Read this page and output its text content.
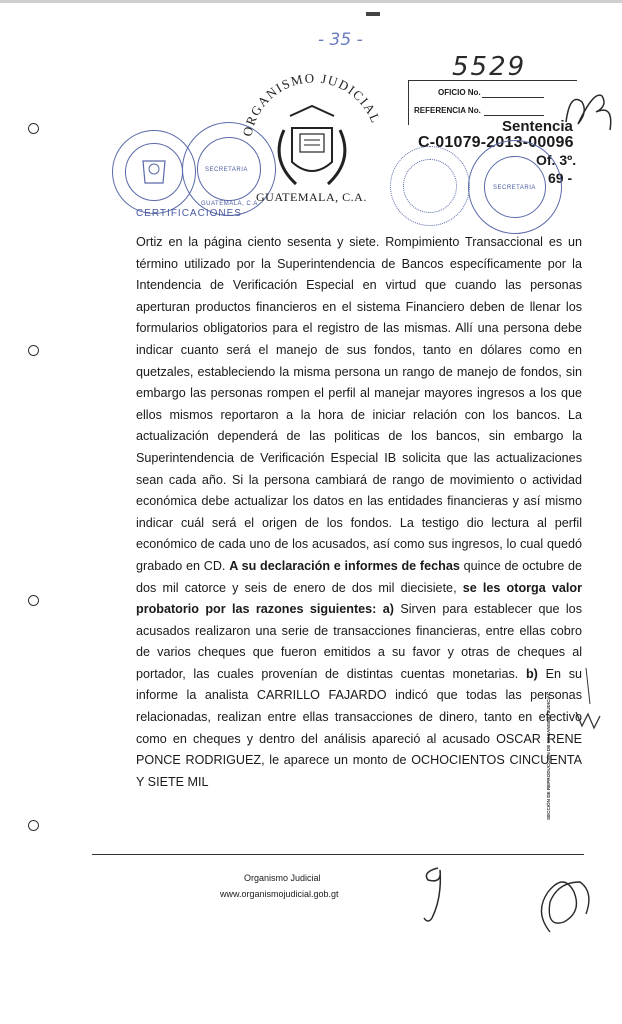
- 35 -
5529
SECRETARIA
GUATEMALA, C.A.
ORGANISMO JUDICIAL
GUATEMALA, C.A.
CERTIFICACIONES
OFICIO No.
REFERENCIA No.
Sentencia
C-01079-2013-00096
Of. 3º.
69 -
SECRETARIA

Ortiz en la página ciento sesenta y siete. Rompimiento Transaccional es un término utilizado por la Superintendencia de Bancos específicamente por la Intendencia de Verificación Especial en virtud que cuando las personas aperturan productos financieros en el sistema Financiero deben de llenar los formularios obligatorios para el registro de las mismas. Allí una persona debe indicar cuanto será el manejo de sus fondos, tanto en dólares como en quetzales, estableciendo la misma persona un rango de manejo de fondos, sin embargo las personas rompen el perfil al manejar mayores ingresos a los que ellos mismos reportaron a la hora de iniciar relación con los bancos. La actualización dependerá de las politicas de los bancos, sin embargo la Superintendencia de Verificación Especial IB solicita que las actualizaciones sean cada año. Si la persona cambiará de rango de movimiento o actividad económica debe actualizar los datos en las entidades financieras y así mismo indicar cuál será el origen de los fondos. La testigo dio lectura al perfil económico de cada uno de los acusados, así como sus ingresos, lo cual quedó grabado en CD. A su declaración e informes de fechas quince de octubre de dos mil catorce y seis de enero de dos mil diecisiete, se les otorga valor probatorio por las razones siguientes: a) Sirven para establecer que los acusados realizaron una serie de transacciones financieras, entre ellas cobro de varios cheques que fueron emitidos a su favor y otras de cheques al portador, las cuales provenían de distintas cuentas monetarias. b) En su informe la analista CARRILLO FAJARDO indicó que todas las personas relacionadas, realizan entre ellas transacciones de dinero, tanto en efectivo como en cheques y dentro del análisis apareció al acusado OSCAR RENE PONCE RODRIGUEZ, le aparece un monto de OCHOCIENTOS CINCUENTA Y SIETE MIL	SECCIÓN DE REPRODUCCIÓN DE ORGANISMO JUDICIAL
Organismo Judicial
www.organismojudicial.gob.gt
